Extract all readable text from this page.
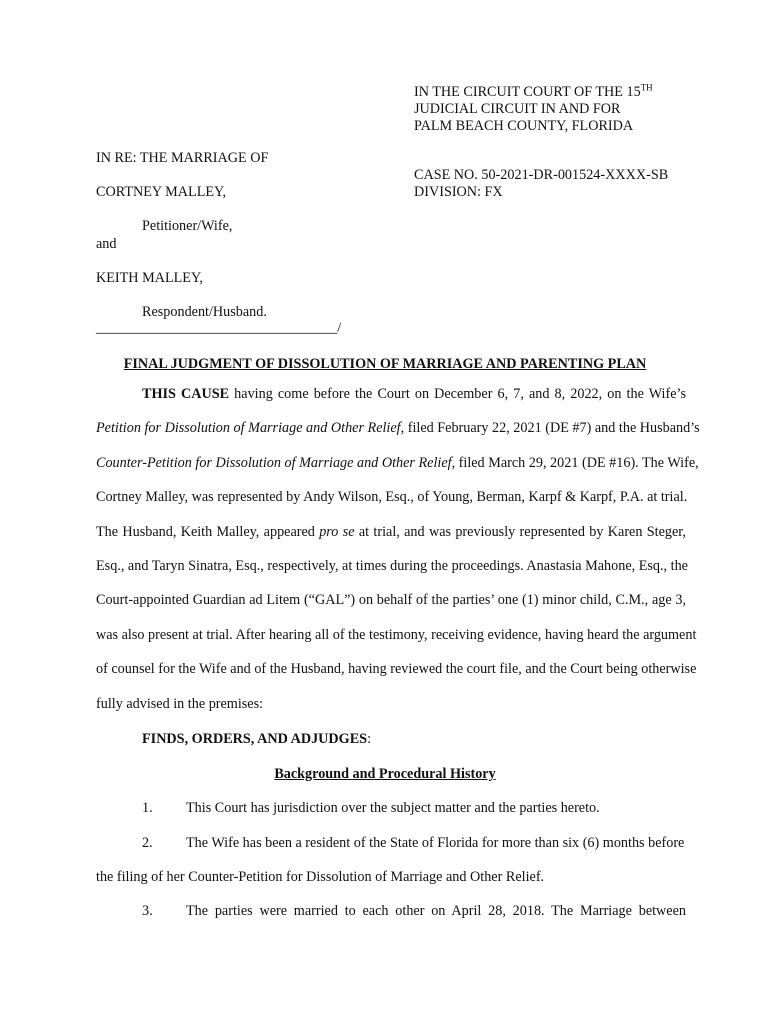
IN THE CIRCUIT COURT OF THE 15TH
JUDICIAL CIRCUIT IN AND FOR
PALM BEACH COUNTY, FLORIDA
IN RE: THE MARRIAGE OF
CORTNEY MALLEY,
Petitioner/Wife,
and
KEITH MALLEY,
Respondent/Husband.
__________________________________/
CASE NO. 50-2021-DR-001524-XXXX-SB
DIVISION: FX
FINAL JUDGMENT OF DISSOLUTION OF MARRIAGE AND PARENTING PLAN
THIS CAUSE having come before the Court on December 6, 7, and 8, 2022, on the Wife’s
Petition for Dissolution of Marriage and Other Relief, filed February 22, 2021 (DE #7) and the Husband’s
Counter-Petition for Dissolution of Marriage and Other Relief, filed March 29, 2021 (DE #16). The Wife,
Cortney Malley, was represented by Andy Wilson, Esq., of Young, Berman, Karpf & Karpf, P.A. at trial.
The Husband, Keith Malley, appeared pro se at trial, and was previously represented by Karen Steger,
Esq., and Taryn Sinatra, Esq., respectively, at times during the proceedings. Anastasia Mahone, Esq., the
Court-appointed Guardian ad Litem (“GAL”) on behalf of the parties’ one (1) minor child, C.M., age 3,
was also present at trial. After hearing all of the testimony, receiving evidence, having heard the argument
of counsel for the Wife and of the Husband, having reviewed the court file, and the Court being otherwise
fully advised in the premises:
FINDS, ORDERS, AND ADJUDGES:
Background and Procedural History
1. This Court has jurisdiction over the subject matter and the parties hereto.
2. The Wife has been a resident of the State of Florida for more than six (6) months before
the filing of her Counter-Petition for Dissolution of Marriage and Other Relief.
3. The parties were married to each other on April 28, 2018. The Marriage between
